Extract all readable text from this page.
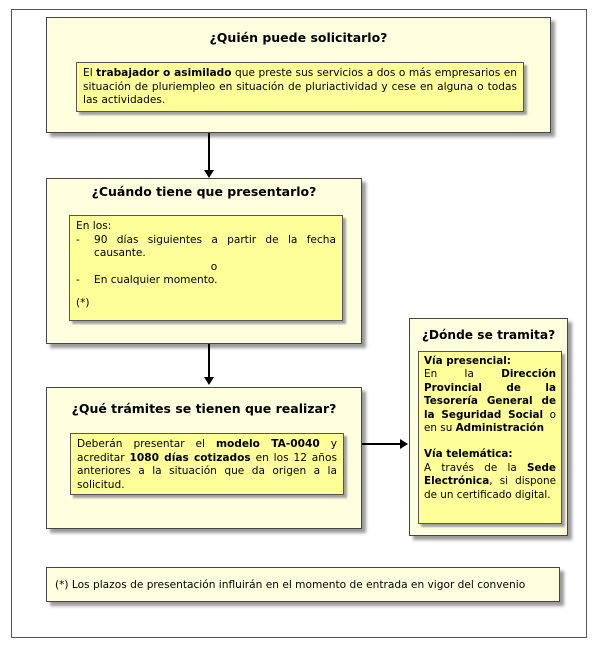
¿Quién puede solicitarlo?
El trabajador o asimilado que preste sus servicios a dos o más empresarios en situación de pluriempleo en situación de pluriactividad y cese en alguna o todas las actividades.
¿Cuándo tiene que presentarlo?
En los:
-	90 días siguientes a partir de la fecha causante.
o
-	En cualquier momento.
(*)
¿Qué trámites se tienen que realizar?
Deberán presentar el modelo TA-0040 y acreditar 1080 días cotizados en los 12 años anteriores a la situación que da origen a la solicitud.
¿Dónde se tramita?
Vía presencial:
En la Dirección Provincial de la Tesorería General de la Seguridad Social o en su Administración
Vía telemática:
A través de la Sede Electrónica, si dispone de un certificado digital.
(*) Los plazos de presentación influirán en el momento de entrada en vigor del convenio
